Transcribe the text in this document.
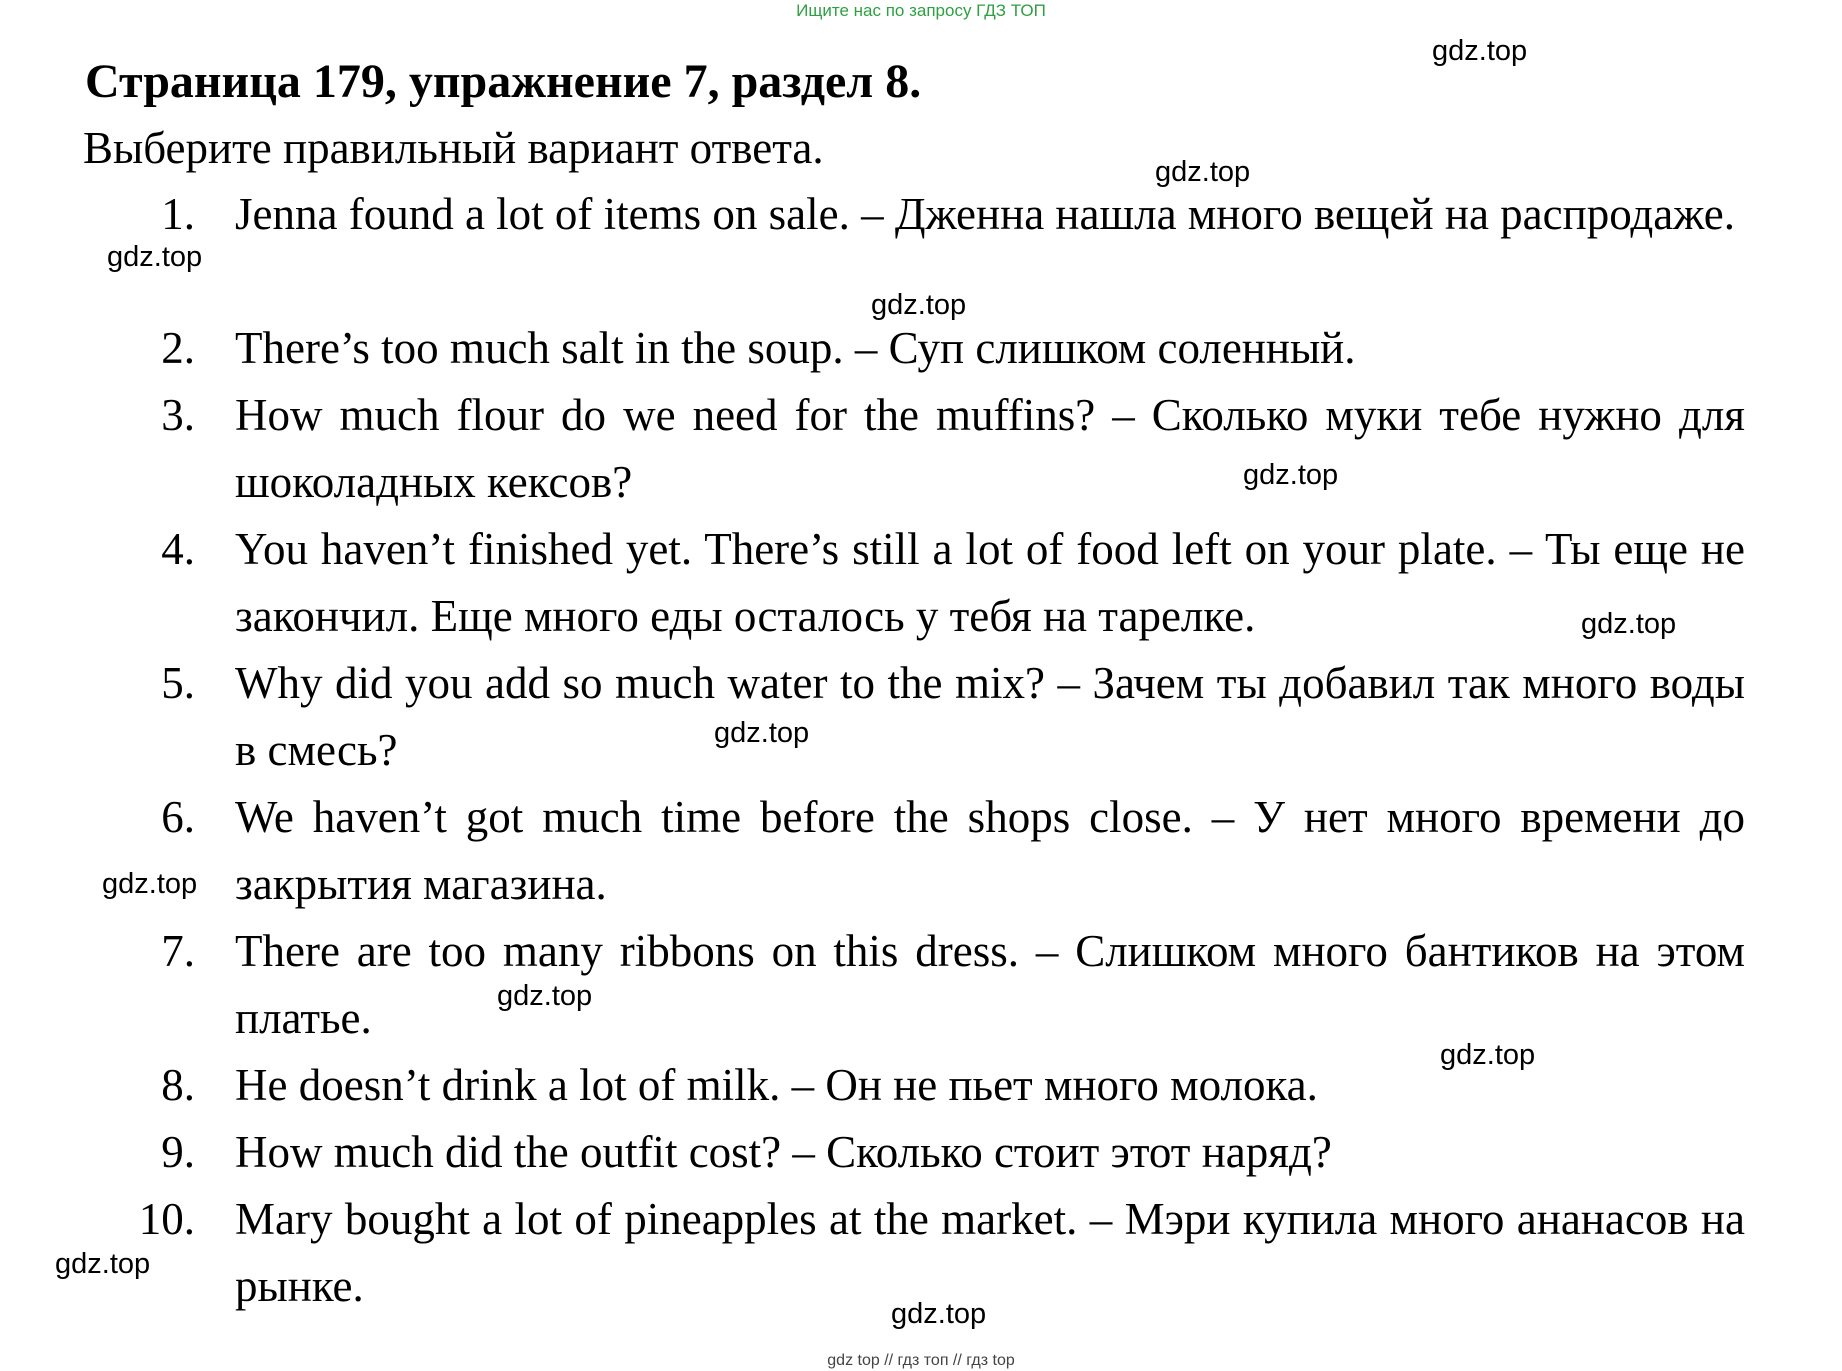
Ищите нас по запросу ГДЗ ТОП
Страница 179, упражнение 7, раздел 8.

Выберите правильный вариант ответа.

1. Jenna found a lot of items on sale. – Дженна нашла много вещей на распродаже.
2. There’s too much salt in the soup. – Суп слишком соленный.
3. How much flour do we need for the muffins? – Сколько муки тебе нужно для шоколадных кексов?
4. You haven’t finished yet. There’s still a lot of food left on your plate. – Ты еще не закончил. Еще много еды осталось у тебя на тарелке.
5. Why did you add so much water to the mix? – Зачем ты добавил так много воды в смесь?
6. We haven’t got much time before the shops close. – У нет много времени до закрытия магазина.
7. There are too many ribbons on this dress. – Слишком много бантиков на этом платье.
8. He doesn’t drink a lot of milk. – Он не пьет много молока.
9. How much did the outfit cost? – Сколько стоит этот наряд?
10. Mary bought a lot of pineapples at the market. – Мэри купила много ананасов на рынке.
gdz.top
gdz.top
gdz.top
gdz.top
gdz.top
gdz.top
gdz.top
gdz.top
gdz.top
gdz.top
gdz.top
gdz.top
gdz top // гдз топ // гдз top
